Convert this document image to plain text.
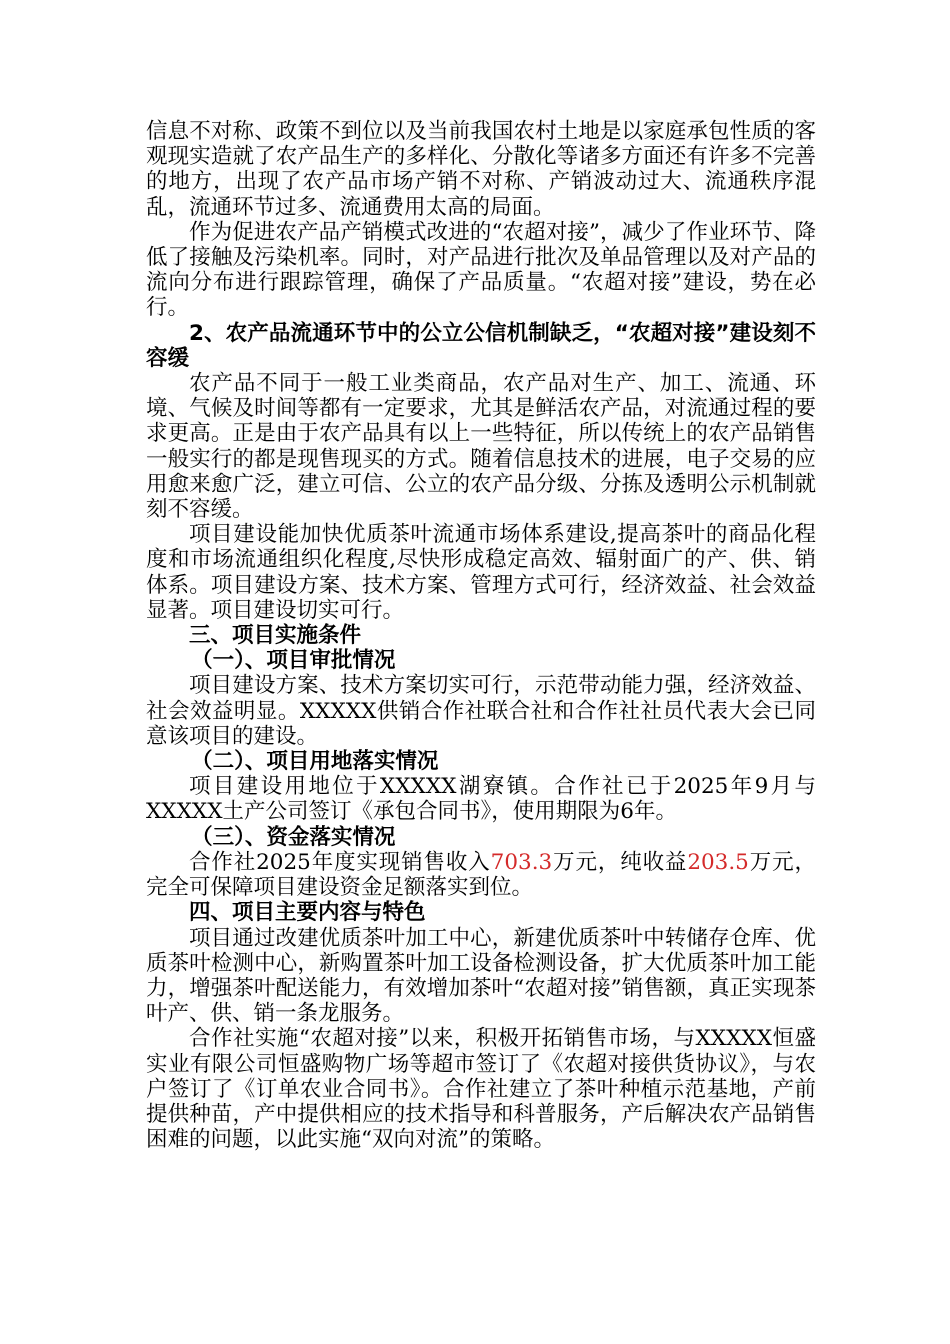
信息不对称、政策不到位以及当前我国农村土地是以家庭承包性质的客观现实造就了农产品生产的多样化、分散化等诸多方面还有许多不完善的地方，出现了农产品市场产销不对称、产销波动过大、流通秩序混乱，流通环节过多、流通费用太高的局面。

作为促进农产品产销模式改进的“农超对接”，减少了作业环节、降低了接触及污染机率。同时，对产品进行批次及单品管理以及对产品的流向分布进行跟踪管理，确保了产品质量。“农超对接”建设，势在必行。

2、农产品流通环节中的公立公信机制缺乏，“农超对接”建设刻不容缓

农产品不同于一般工业类商品，农产品对生产、加工、流通、环境、气候及时间等都有一定要求，尤其是鲜活农产品，对流通过程的要求更高。正是由于农产品具有以上一些特征，所以传统上的农产品销售一般实行的都是现售现买的方式。随着信息技术的进展，电子交易的应用愈来愈广泛，建立可信、公立的农产品分级、分拣及透明公示机制就刻不容缓。

项目建设能加快优质茶叶流通市场体系建设,提高茶叶的商品化程度和市场流通组织化程度,尽快形成稳定高效、辐射面广的产、供、销体系。项目建设方案、技术方案、管理方式可行，经济效益、社会效益显著。项目建设切实可行。

三、项目实施条件

（一）、项目审批情况

项目建设方案、技术方案切实可行，示范带动能力强，经济效益、社会效益明显。XXXXX供销合作社联合社和合作社社员代表大会已同意该项目的建设。

（二）、项目用地落实情况

项目建设用地位于XXXXX湖寮镇。合作社已于2025年9月与XXXXX土产公司签订《承包合同书》，使用期限为6年。

（三）、资金落实情况

合作社2025年度实现销售收入703.3万元，纯收益203.5万元，完全可保障项目建设资金足额落实到位。

四、项目主要内容与特色

项目通过改建优质茶叶加工中心，新建优质茶叶中转储存仓库、优质茶叶检测中心，新购置茶叶加工设备检测设备，扩大优质茶叶加工能力，增强茶叶配送能力，有效增加茶叶“农超对接”销售额，真正实现茶叶产、供、销一条龙服务。

合作社实施“农超对接”以来，积极开拓销售市场，与XXXXX恒盛实业有限公司恒盛购物广场等超市签订了《农超对接供货协议》，与农户签订了《订单农业合同书》。合作社建立了茶叶种植示范基地，产前提供种苗，产中提供相应的技术指导和科普服务，产后解决农产品销售困难的问题，以此实施“双向对流”的策略。
